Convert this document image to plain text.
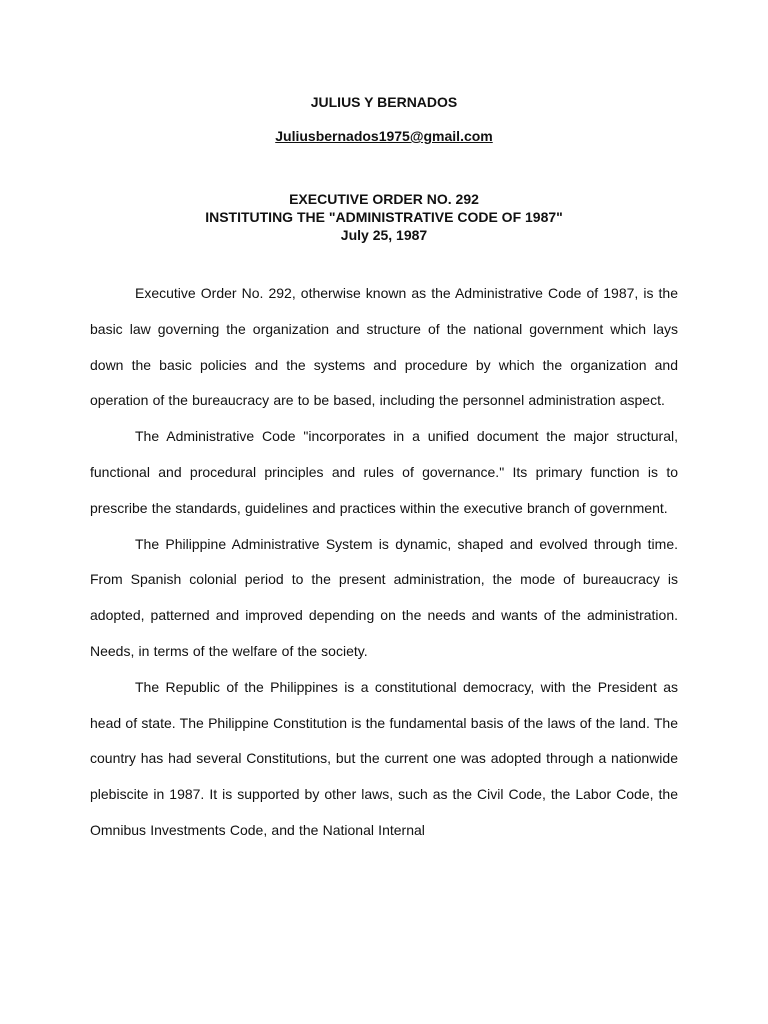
JULIUS Y BERNADOS

Juliusbernados1975@gmail.com

EXECUTIVE ORDER NO. 292
INSTITUTING THE "ADMINISTRATIVE CODE OF 1987"
July 25, 1987

Executive Order No. 292, otherwise known as the Administrative Code of 1987, is the basic law governing the organization and structure of the national government which lays down the basic policies and the systems and procedure by which the organization and operation of the bureaucracy are to be based, including the personnel administration aspect.

The Administrative Code "incorporates in a unified document the major structural, functional and procedural principles and rules of governance." Its primary function is to prescribe the standards, guidelines and practices within the executive branch of government.

The Philippine Administrative System is dynamic, shaped and evolved through time. From Spanish colonial period to the present administration, the mode of bureaucracy is adopted, patterned and improved depending on the needs and wants of the administration. Needs, in terms of the welfare of the society.

The Republic of the Philippines is a constitutional democracy, with the President as head of state. The Philippine Constitution is the fundamental basis of the laws of the land. The country has had several Constitutions, but the current one was adopted through a nationwide plebiscite in 1987. It is supported by other laws, such as the Civil Code, the Labor Code, the Omnibus Investments Code, and the National Internal
